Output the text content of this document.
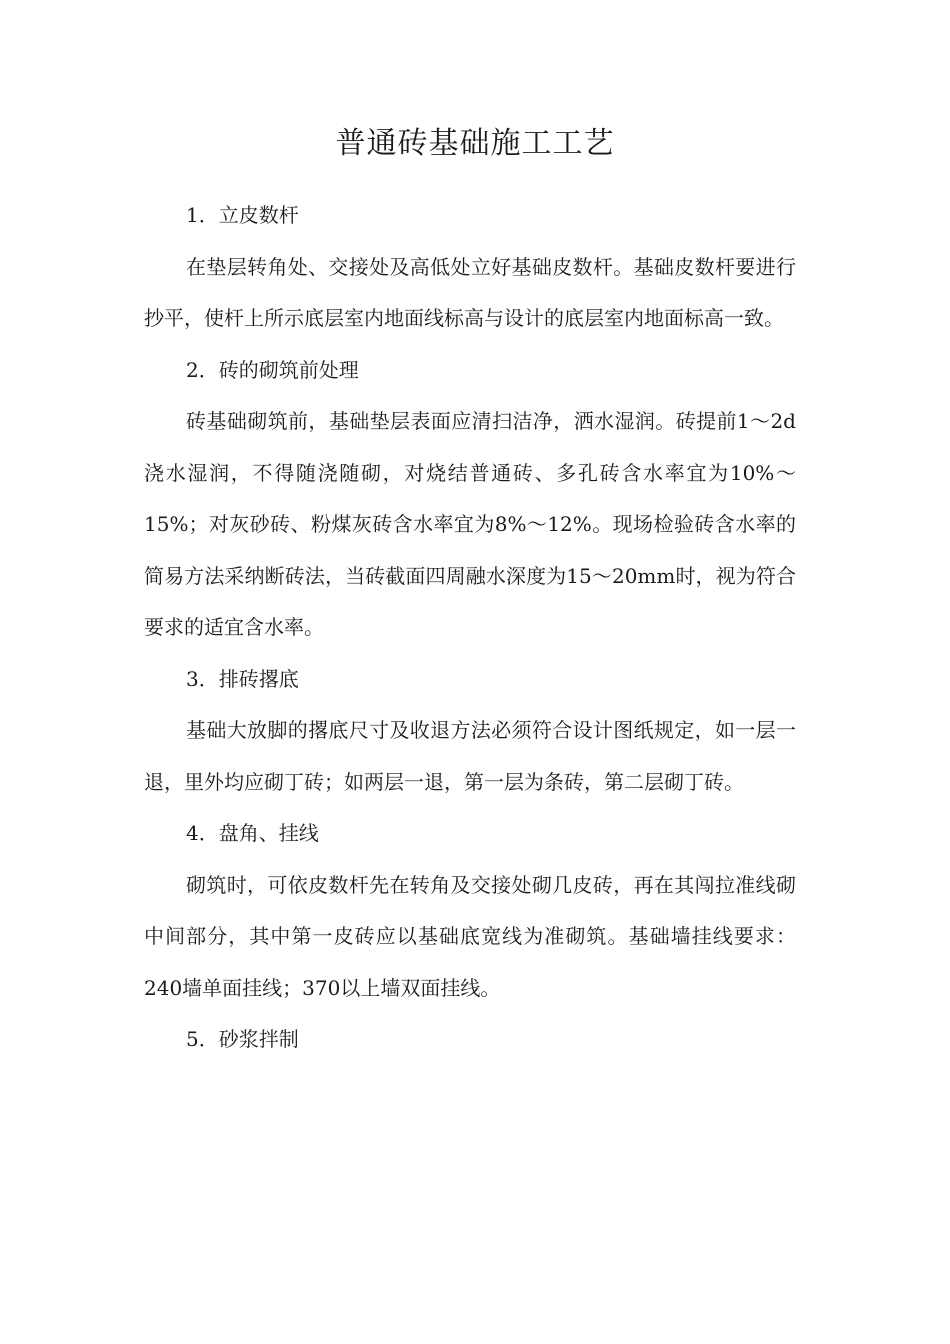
普通砖基础施工工艺

1．立皮数杆

在垫层转角处、交接处及高低处立好基础皮数杆。基础皮数杆要进行抄平，使杆上所示底层室内地面线标高与设计的底层室内地面标高一致。

2．砖的砌筑前处理

砖基础砌筑前，基础垫层表面应清扫洁净，洒水湿润。砖提前1～2d浇水湿润，不得随浇随砌，对烧结普通砖、多孔砖含水率宜为10%～15%；对灰砂砖、粉煤灰砖含水率宜为8%～12%。现场检验砖含水率的简易方法采纳断砖法，当砖截面四周融水深度为15～20mm时，视为符合要求的适宜含水率。

3．排砖撂底

基础大放脚的撂底尺寸及收退方法必须符合设计图纸规定，如一层一退，里外均应砌丁砖；如两层一退，第一层为条砖，第二层砌丁砖。

4．盘角、挂线

砌筑时，可依皮数杆先在转角及交接处砌几皮砖，再在其闯拉准线砌中间部分，其中第一皮砖应以基础底宽线为准砌筑。基础墙挂线要求：240墙单面挂线；370以上墙双面挂线。

5．砂浆拌制
